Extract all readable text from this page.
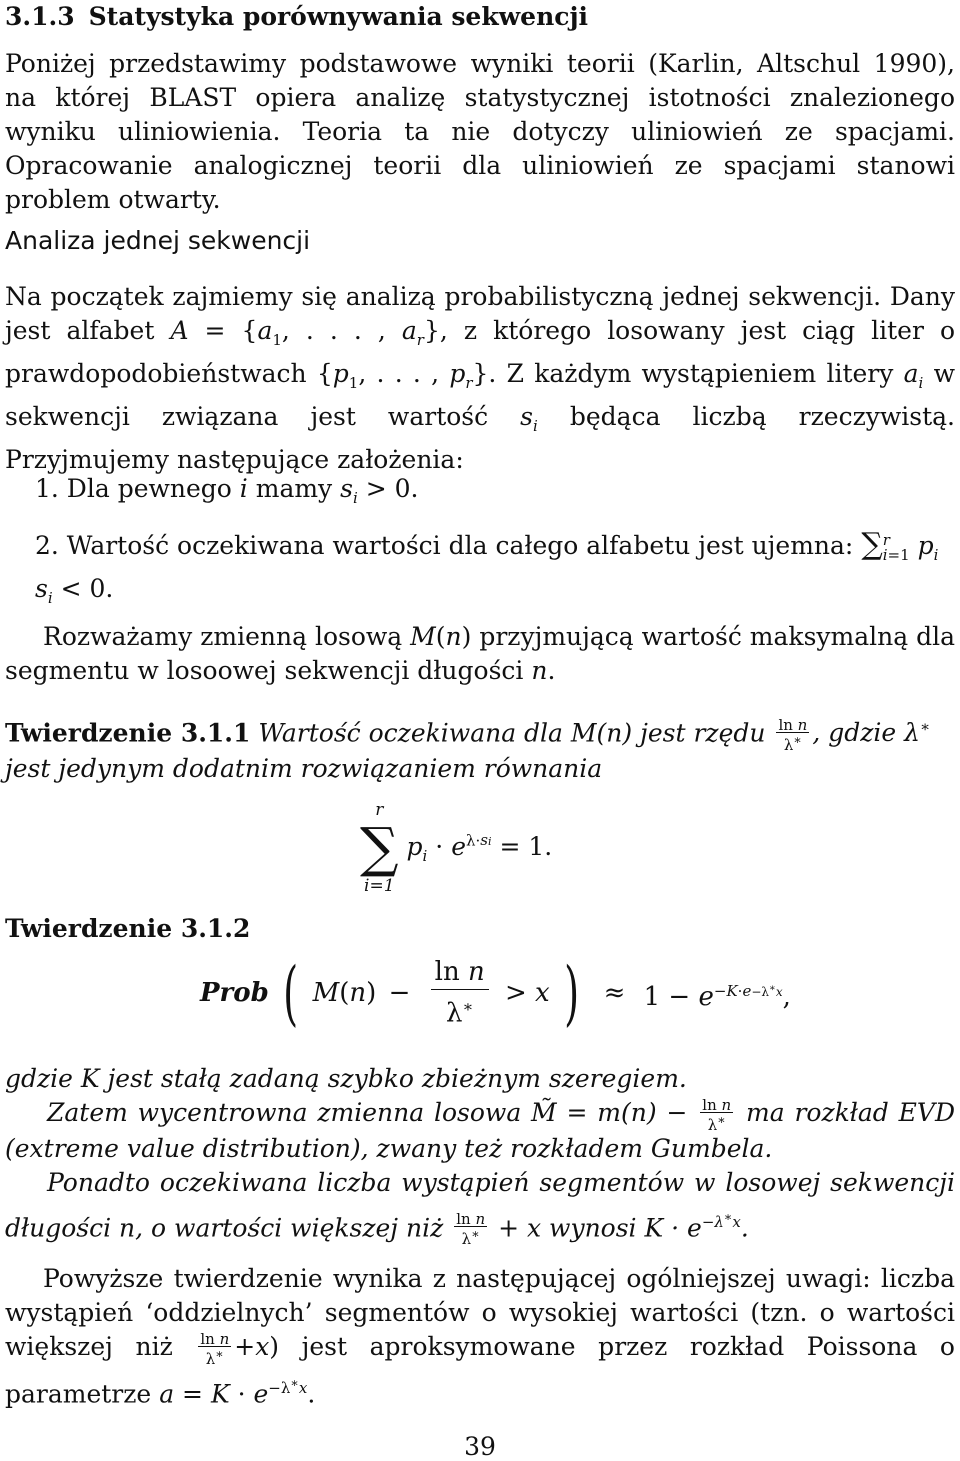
3.1.3 Statystyka porównywania sekwencji
Poniżej przedstawimy podstawowe wyniki teorii (Karlin, Altschul 1990), na której BLAST opiera analizę statystycznej istotności znalezionego wyniku uliniowienia. Teoria ta nie dotyczy uliniowień ze spacjami. Opracowanie analogicznej teorii dla uliniowień ze spacjami stanowi problem otwarty.
Analiza jednej sekwencji
Na początek zajmiemy się analizą probabilistyczną jednej sekwencji. Dany jest alfabet $A = \{a_1$, . . . , $a_r$}, z którego losowany jest ciąg liter o prawdopodobieństwach {$p_1$, . . . , $p_r$}. Z każdym wystąpieniem litery $a_i$ w sekwencji związana jest wartość $s_i$ będąca liczbą rzeczywistą. Przyjmujemy następujące założenia:
1. Dla pewnego i mamy $s_i > 0$.
2. Wartość oczekiwana wartości dla całego alfabetu jest ujemna: ∑r
i=1 $p_i$ $s_i < 0$.
Rozważamy zmienną losową M(n) przyjmującą wartość maksymalną dla segmentu w losoowej sekwencji długości n.
Twierdzenie 3.1.1 Wartość oczekiwana dla M(n) jest rzędu $\frac{\text{ln n}}{\lambda^∗}$ , gdzie λ∗ jest jedynym dodatnim rozwiązaniem równania
r
∑
i=1
$p_i \cdot e^{\lambda\cdot si} = 1$.
Twierdzenie 3.1.2
Prob ( $M(n) - \frac{\text{ln n}}{\lambda^∗} > x$ ) ≈ $1 - e^{-K\cdot e-\lambda^∗x}$,
gdzie K jest stałą zadaną szybko zbieżnym szeregiem.
Zatem wycentrowna zmienna losowa M̃ = $m(n) - \frac{\text{ln n}}{\lambda^∗}$ ma rozkład EVD (extreme value distribution), zwany też rozkładem Gumbela.
Ponadto oczekiwana liczba wystąpień segmentów w losowej sekwencji długości n, o wartości większej niż $\frac{\text{ln n}}{\lambda^∗} + x$ wynosi $K \cdot e^{-\lambda^∗x}$.
Powyższe twierdzenie wynika z następującej ogólniejszej uwagi: liczba wystąpień ‘oddzielnych’ segmentów o wysokiej wartości (tzn. o wartości większej niż $\frac{\text{ln n}}{\lambda^∗} +x$) jest aproksymowane przez rozkład Poissona o parametrze $a = K \cdot e^{-\lambda^∗x}$.
39
